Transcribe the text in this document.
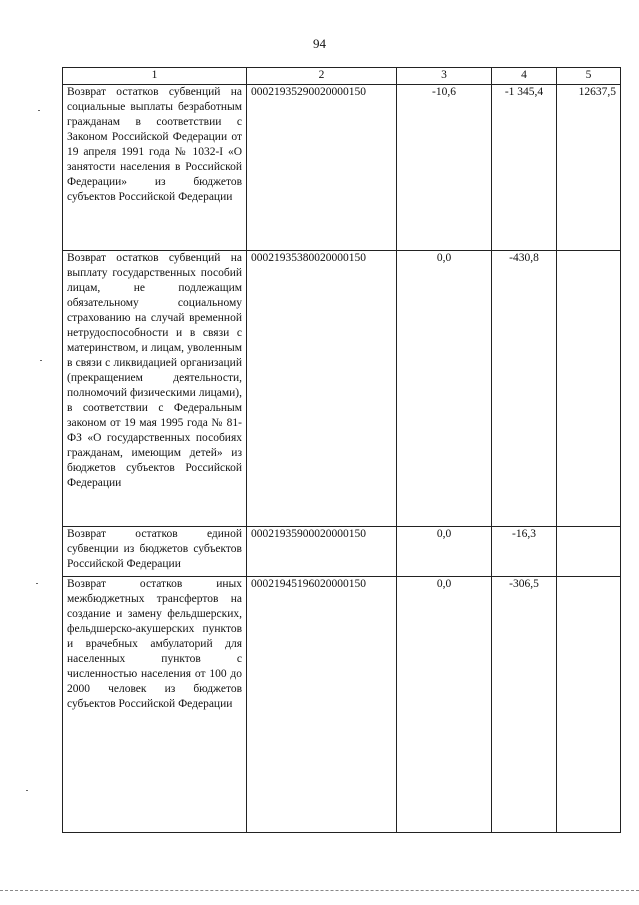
94
1	2	3	4	5
Возврат остатков субвенций на социальные выплаты безработным гражданам в соответствии с Законом Российской Федерации от 19 апреля 1991 года № 1032-I «О занятости населения в Российской Федерации» из бюджетов субъектов Российской Федерации	00021935290020000150	-10,6	-1 345,4	12637,5
Возврат остатков субвенций на выплату государственных пособий лицам, не подлежащим обязательному социальному страхованию на случай временной нетрудоспособности и в связи с материнством, и лицам, уволенным в связи с ликвидацией организаций (прекращением деятельности, полномочий физическими лицами), в соответствии с Федеральным законом от 19 мая 1995 года № 81-ФЗ «О государственных пособиях гражданам, имеющим детей» из бюджетов субъектов Российской Федерации	00021935380020000150	0,0	-430,8	
Возврат остатков единой субвенции из бюджетов субъектов Российской Федерации	00021935900020000150	0,0	-16,3	
Возврат остатков иных межбюджетных трансфертов на создание и замену фельдшерских, фельдшерско-акушерских пунктов и врачебных амбулаторий для населенных пунктов с численностью населения от 100 до 2000 человек из бюджетов субъектов Российской Федерации	00021945196020000150	0,0	-306,5	
